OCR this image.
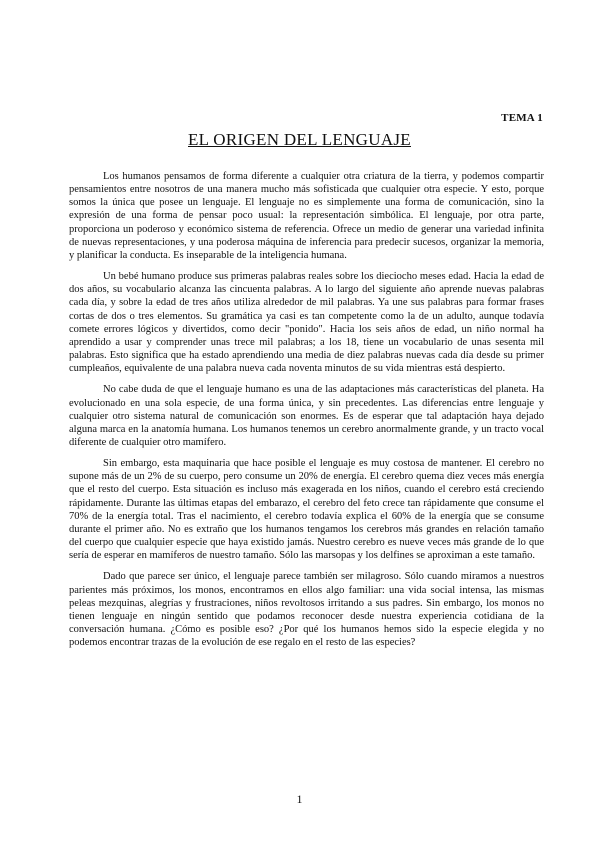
TEMA 1
EL ORIGEN DEL LENGUAJE

Los humanos pensamos de forma diferente a cualquier otra criatura de la tierra, y podemos compartir pensamientos entre nosotros de una manera mucho más sofisticada que cualquier otra especie. Y esto, porque somos la única que posee un lenguaje. El lenguaje no es simplemente una forma de comunicación, sino la expresión de una forma de pensar poco usual: la representación simbólica. El lenguaje, por otra parte, proporciona un poderoso y económico sistema de referencia. Ofrece un medio de generar una variedad infinita de nuevas representaciones, y una poderosa máquina de inferencia para predecir sucesos, organizar la memoria, y planificar la conducta. Es inseparable de la inteligencia humana.

Un bebé humano produce sus primeras palabras reales sobre los dieciocho meses edad. Hacia la edad de dos años, su vocabulario alcanza las cincuenta palabras. A lo largo del siguiente año aprende nuevas palabras cada día, y sobre la edad de tres años utiliza alrededor de mil palabras. Ya une sus palabras para formar frases cortas de dos o tres elementos. Su gramática ya casi es tan competente como la de un adulto, aunque todavía comete errores lógicos y divertidos, como decir "ponido". Hacia los seis años de edad, un niño normal ha aprendido a usar y comprender unas trece mil palabras; a los 18, tiene un vocabulario de unas sesenta mil palabras. Esto significa que ha estado aprendiendo una media de diez palabras nuevas cada día desde su primer cumpleaños, equivalente de una palabra nueva cada noventa minutos de su vida mientras está despierto.

No cabe duda de que el lenguaje humano es una de las adaptaciones más características del planeta. Ha evolucionado en una sola especie, de una forma única, y sin precedentes. Las diferencias entre lenguaje y cualquier otro sistema natural de comunicación son enormes. Es de esperar que tal adaptación haya dejado alguna marca en la anatomía humana. Los humanos tenemos un cerebro anormalmente grande, y un tracto vocal diferente de cualquier otro mamífero.

Sin embargo, esta maquinaria que hace posible el lenguaje es muy costosa de mantener. El cerebro no supone más de un 2% de su cuerpo, pero consume un 20% de energía. El cerebro quema diez veces más energía que el resto del cuerpo. Esta situación es incluso más exagerada en los niños, cuando el cerebro está creciendo rápidamente. Durante las últimas etapas del embarazo, el cerebro del feto crece tan rápidamente que consume el 70% de la energía total. Tras el nacimiento, el cerebro todavía explica el 60% de la energía que se consume durante el primer año. No es extraño que los humanos tengamos los cerebros más grandes en relación tamaño del cuerpo que cualquier especie que haya existido jamás. Nuestro cerebro es nueve veces más grande de lo que sería de esperar en mamíferos de nuestro tamaño. Sólo las marsopas y los delfines se aproximan a este tamaño.

Dado que parece ser único, el lenguaje parece también ser milagroso. Sólo cuando miramos a nuestros parientes más próximos, los monos, encontramos en ellos algo familiar: una vida social intensa, las mismas peleas mezquinas, alegrías y frustraciones, niños revoltosos irritando a sus padres. Sin embargo, los monos no tienen lenguaje en ningún sentido que podamos reconocer desde nuestra experiencia cotidiana de la conversación humana. ¿Cómo es posible eso? ¿Por qué los humanos hemos sido la especie elegida y no podemos encontrar trazas de la evolución de ese regalo en el resto de las especies?

1
